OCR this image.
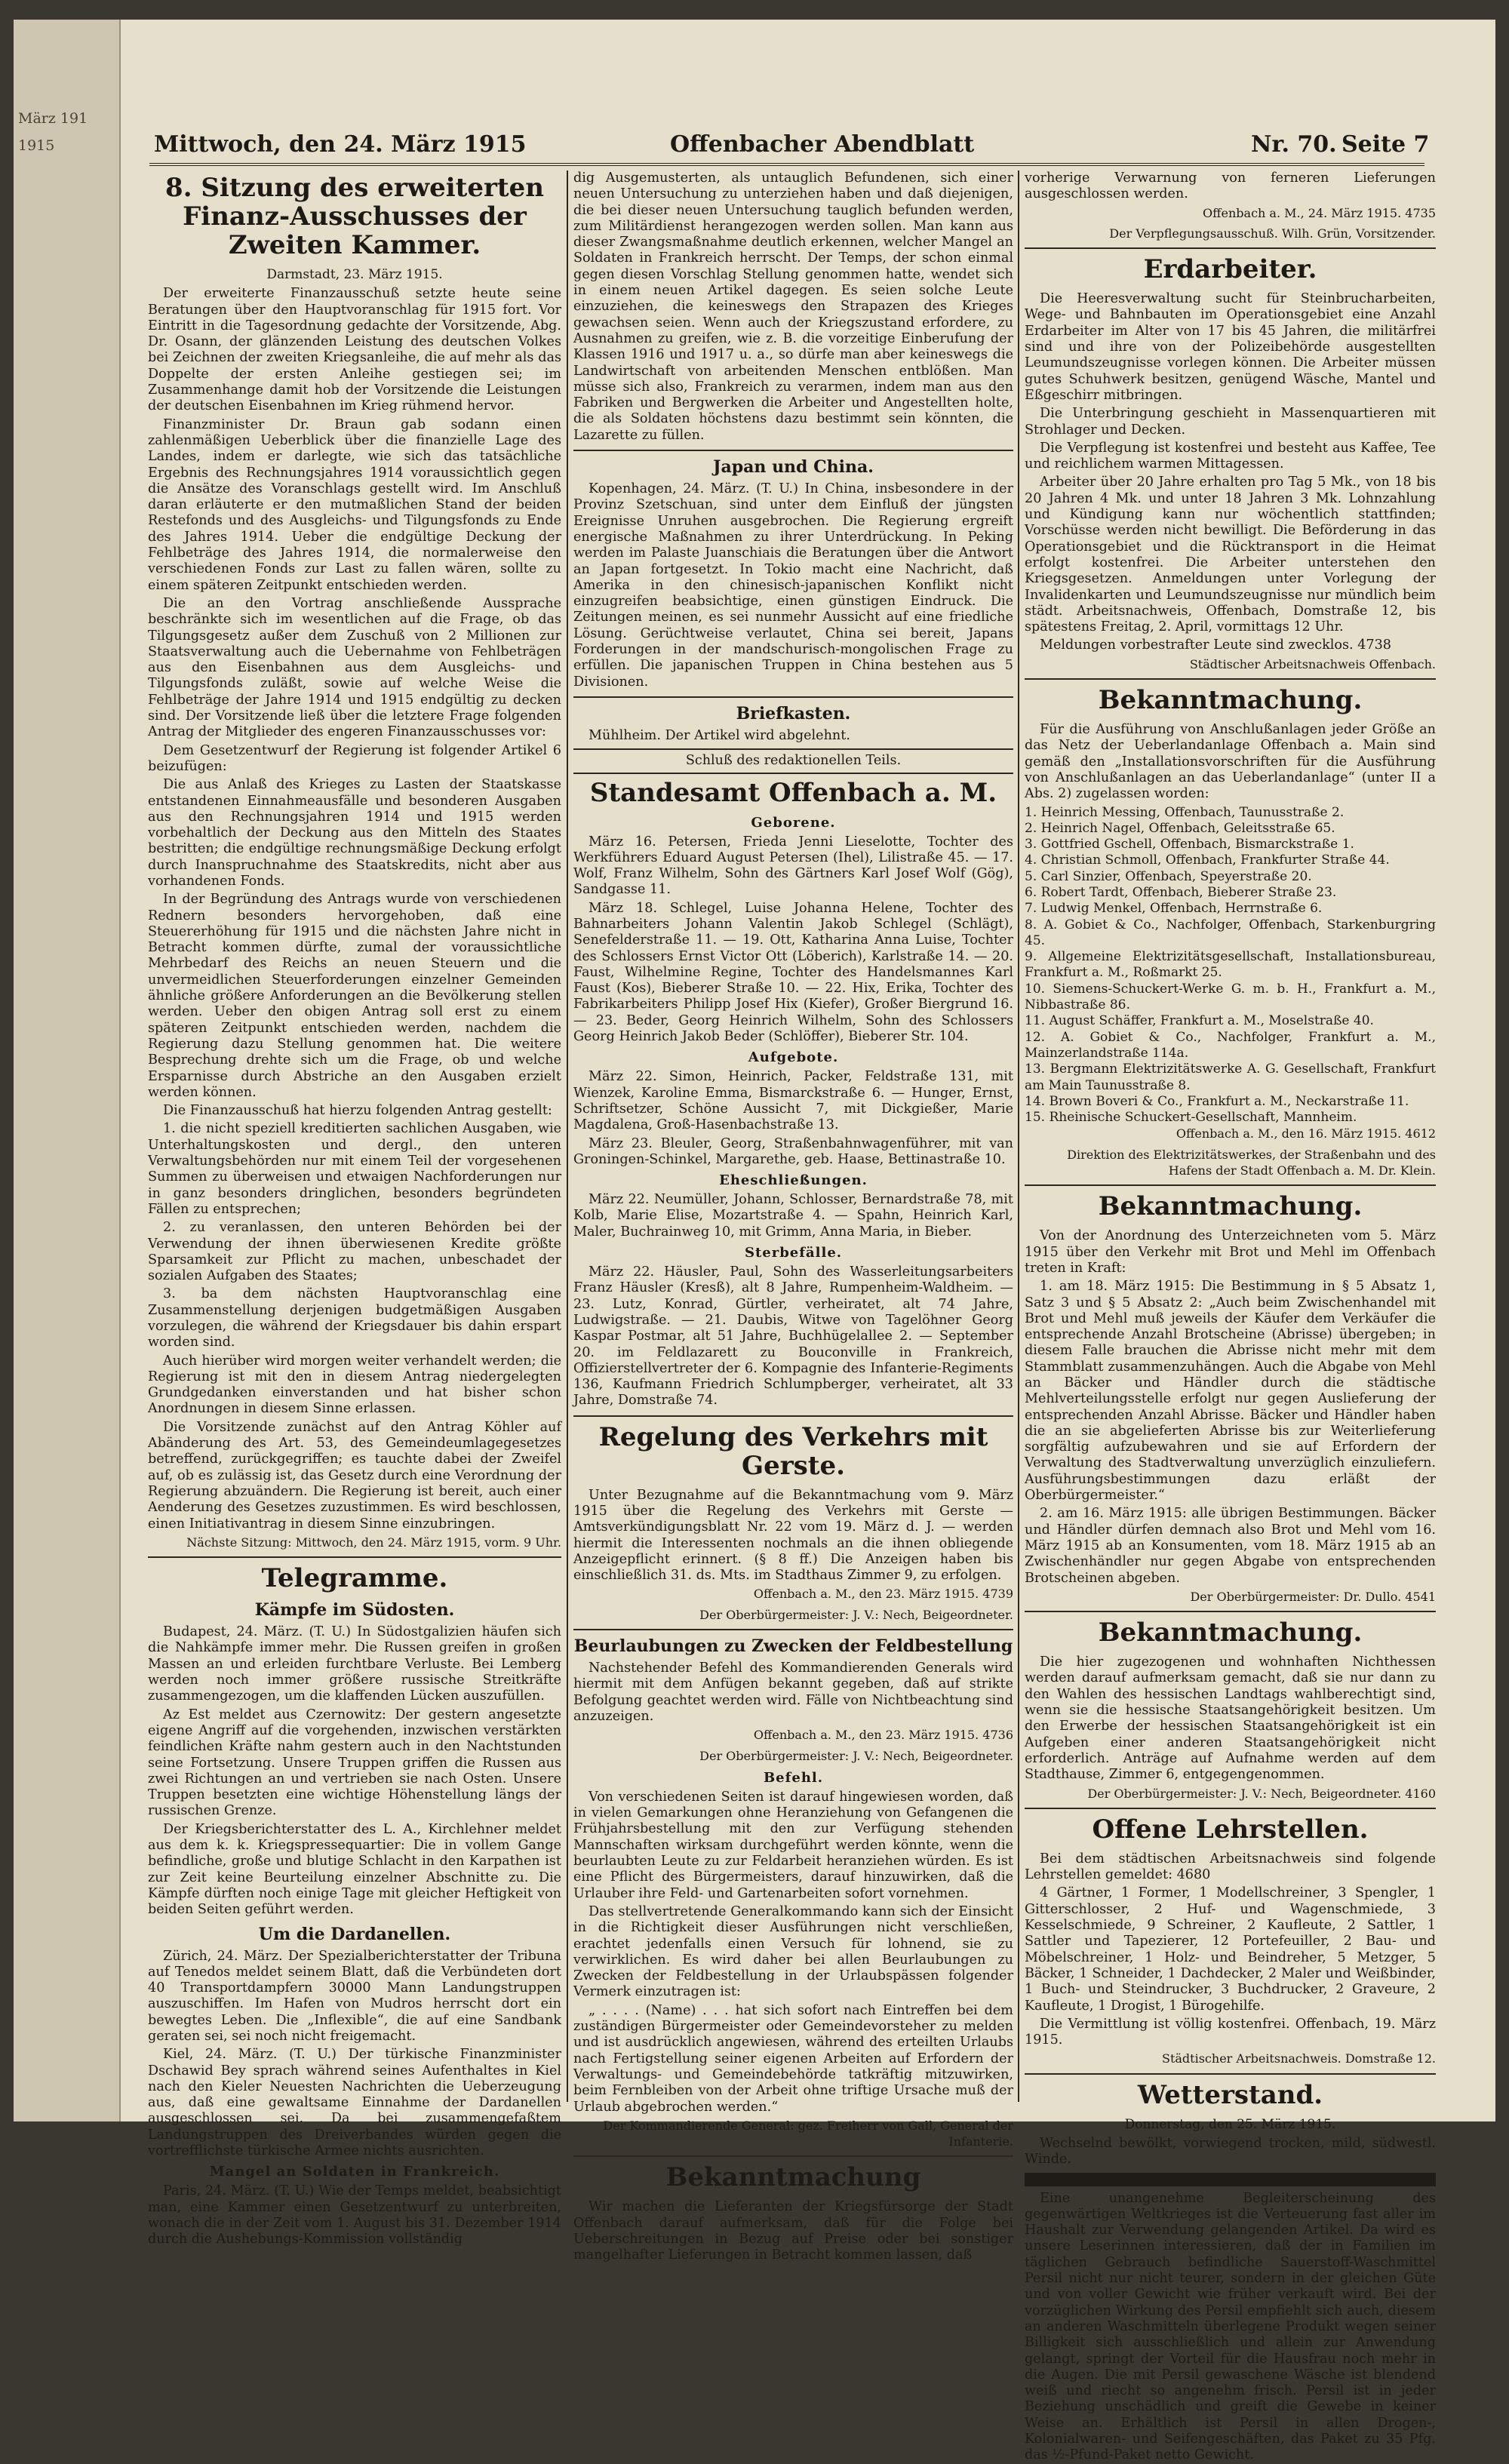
März 191
1915	Mittwoch, den 24. März 1915	Offenbacher Abendblatt	Nr. 70. Seite 7
8. Sitzung des erweiterten Finanz-Ausschusses der Zweiten Kammer.
Darmstadt, 23. März 1915.

Der erweiterte Finanzausschuß setzte heute seine Beratungen über den Hauptvoranschlag für 1915 fort. Vor Eintritt in die Tagesordnung gedachte der Vorsitzende, Abg. Dr. Osann, der glänzenden Leistung des deutschen Volkes bei Zeichnen der zweiten Kriegsanleihe, die auf mehr als das Doppelte der ersten Anleihe gestiegen sei; im Zusammenhange damit hob der Vorsitzende die Leistungen der deutschen Eisenbahnen im Krieg rühmend hervor.

Finanzminister Dr. Braun gab sodann einen zahlenmäßigen Ueberblick über die finanzielle Lage des Landes, indem er darlegte, wie sich das tatsächliche Ergebnis des Rechnungsjahres 1914 voraussichtlich gegen die Ansätze des Voranschlags gestellt wird. Im Anschluß daran erläuterte er den mutmaßlichen Stand der beiden Restefonds und des Ausgleichs- und Tilgungsfonds zu Ende des Jahres 1914. Ueber die endgültige Deckung der Fehlbeträge des Jahres 1914, die normalerweise den verschiedenen Fonds zur Last zu fallen wären, sollte zu einem späteren Zeitpunkt entschieden werden.

Die an den Vortrag anschließende Aussprache beschränkte sich im wesentlichen auf die Frage, ob das Tilgungsgesetz außer dem Zuschuß von 2 Millionen zur Staatsverwaltung auch die Uebernahme von Fehlbeträgen aus den Eisenbahnen aus dem Ausgleichs- und Tilgungsfonds zuläßt, sowie auf welche Weise die Fehlbeträge der Jahre 1914 und 1915 endgültig zu decken sind. Der Vorsitzende ließ über die letztere Frage folgenden Antrag der Mitglieder des engeren Finanzausschusses vor:

Dem Gesetzentwurf der Regierung ist folgender Artikel 6 beizufügen:

Die aus Anlaß des Krieges zu Lasten der Staatskasse entstandenen Einnahmeausfälle und besonderen Ausgaben aus den Rechnungsjahren 1914 und 1915 werden vorbehaltlich der Deckung aus den Mitteln des Staates bestritten; die endgültige rechnungsmäßige Deckung erfolgt durch Inanspruchnahme des Staatskredits, nicht aber aus vorhandenen Fonds.

In der Begründung des Antrags wurde von verschiedenen Rednern besonders hervorgehoben, daß eine Steuererhöhung für 1915 und die nächsten Jahre nicht in Betracht kommen dürfte, zumal der voraussichtliche Mehrbedarf des Reichs an neuen Steuern und die unvermeidlichen Steuerforderungen einzelner Gemeinden ähnliche größere Anforderungen an die Bevölkerung stellen werden. Ueber den obigen Antrag soll erst zu einem späteren Zeitpunkt entschieden werden, nachdem die Regierung dazu Stellung genommen hat. Die weitere Besprechung drehte sich um die Frage, ob und welche Ersparnisse durch Abstriche an den Ausgaben erzielt werden können.

Die Finanzausschuß hat hierzu folgenden Antrag gestellt:

1. die nicht speziell kreditierten sachlichen Ausgaben, wie Unterhaltungskosten und dergl., den unteren Verwaltungsbehörden nur mit einem Teil der vorgesehenen Summen zu überweisen und etwaigen Nachforderungen nur in ganz besonders dringlichen, besonders begründeten Fällen zu entsprechen;

2. zu veranlassen, den unteren Behörden bei der Verwendung der ihnen überwiesenen Kredite größte Sparsamkeit zur Pflicht zu machen, unbeschadet der sozialen Aufgaben des Staates;

3. ba dem nächsten Hauptvoranschlag eine Zusammenstellung derjenigen budgetmäßigen Ausgaben vorzulegen, die während der Kriegsdauer bis dahin erspart worden sind.

Auch hierüber wird morgen weiter verhandelt werden; die Regierung ist mit den in diesem Antrag niedergelegten Grundgedanken einverstanden und hat bisher schon Anordnungen in diesem Sinne erlassen.

Die Vorsitzende zunächst auf den Antrag Köhler auf Abänderung des Art. 53, des Gemeindeumlagegesetzes betreffend, zurückgegriffen; es tauchte dabei der Zweifel auf, ob es zulässig ist, das Gesetz durch eine Verordnung der Regierung abzuändern. Die Regierung ist bereit, auch einer Aenderung des Gesetzes zuzustimmen. Es wird beschlossen, einen Initiativantrag in diesem Sinne einzubringen.

Nächste Sitzung: Mittwoch, den 24. März 1915, vorm. 9 Uhr.
Telegramme.
Kämpfe im Südosten.

Budapest, 24. März. (T. U.) In Südostgalizien häufen sich die Nahkämpfe immer mehr. Die Russen greifen in großen Massen an und erleiden furchtbare Verluste. Bei Lemberg werden noch immer größere russische Streitkräfte zusammengezogen, um die klaffenden Lücken auszufüllen.

Az Est meldet aus Czernowitz: Der gestern angesetzte eigene Angriff auf die vorgehenden, inzwischen verstärkten feindlichen Kräfte nahm gestern auch in den Nachtstunden seine Fortsetzung. Unsere Truppen griffen die Russen aus zwei Richtungen an und vertrieben sie nach Osten. Unsere Truppen besetzten eine wichtige Höhenstellung längs der russischen Grenze.

Der Kriegsberichterstatter des L. A., Kirchlehner meldet aus dem k. k. Kriegspressequartier: Die in vollem Gange befindliche, große und blutige Schlacht in den Karpathen ist zur Zeit keine Beurteilung einzelner Abschnitte zu. Die Kämpfe dürften noch einige Tage mit gleicher Heftigkeit von beiden Seiten geführt werden.

Um die Dardanellen.

Zürich, 24. März. Der Spezialberichterstatter der Tribuna auf Tenedos meldet seinem Blatt, daß die Verbündeten dort 40 Transportdampfern 30000 Mann Landungstruppen auszuschiffen. Im Hafen von Mudros herrscht dort ein bewegtes Leben. Die „Inflexible“, die auf eine Sandbank geraten sei, sei noch nicht freigemacht.

Kiel, 24. März. (T. U.) Der türkische Finanzminister Dschawid Bey sprach während seines Aufenthaltes in Kiel nach den Kieler Neuesten Nachrichten die Ueberzeugung aus, daß eine gewaltsame Einnahme der Dardanellen ausgeschlossen sei. Da bei zusammengefaßtem Landungstruppen des Dreiverbandes würden gegen die vortrefflichste türkische Armee nichts ausrichten.

Mangel an Soldaten in Frankreich.

Paris, 24. März. (T. U.) Wie der Temps meldet, beabsichtigt man, eine Kammer einen Gesetzentwurf zu unterbreiten, wonach die in der Zeit vom 1. August bis 31. Dezember 1914 durch die Aushebungs-Kommission vollständig

dig Ausgemusterten, als untauglich Befundenen, sich einer neuen Untersuchung zu unterziehen haben und daß diejenigen, die bei dieser neuen Untersuchung tauglich befunden werden, zum Militärdienst herangezogen werden sollen. Man kann aus dieser Zwangsmaßnahme deutlich erkennen, welcher Mangel an Soldaten in Frankreich herrscht. Der Temps, der schon einmal gegen diesen Vorschlag Stellung genommen hatte, wendet sich in einem neuen Artikel dagegen. Es seien solche Leute einzuziehen, die keineswegs den Strapazen des Krieges gewachsen seien. Wenn auch der Kriegszustand erfordere, zu Ausnahmen zu greifen, wie z. B. die vorzeitige Einberufung der Klassen 1916 und 1917 u. a., so dürfe man aber keineswegs die Landwirtschaft von arbeitenden Menschen entblößen. Man müsse sich also, Frankreich zu verarmen, indem man aus den Fabriken und Bergwerken die Arbeiter und Angestellten holte, die als Soldaten höchstens dazu bestimmt sein könnten, die Lazarette zu füllen.

Japan und China.

Kopenhagen, 24. März. (T. U.) In China, insbesondere in der Provinz Szetschuan, sind unter dem Einfluß der jüngsten Ereignisse Unruhen ausgebrochen. Die Regierung ergreift energische Maßnahmen zu ihrer Unterdrückung. In Peking werden im Palaste Juanschiais die Beratungen über die Antwort an Japan fortgesetzt. In Tokio macht eine Nachricht, daß Amerika in den chinesisch-japanischen Konflikt nicht einzugreifen beabsichtige, einen günstigen Eindruck. Die Zeitungen meinen, es sei nunmehr Aussicht auf eine friedliche Lösung. Gerüchtweise verlautet, China sei bereit, Japans Forderungen in der mandschurisch-mongolischen Frage zu erfüllen. Die japanischen Truppen in China bestehen aus 5 Divisionen.

Briefkasten.

Mühlheim. Der Artikel wird abgelehnt.

Schluß des redaktionellen Teils.
Standesamt Offenbach a. M.
Geborene.

März 16. Petersen, Frieda Jenni Lieselotte, Tochter des Werkführers Eduard August Petersen (Ihel), Lilistraße 45. — 17. Wolf, Franz Wilhelm, Sohn des Gärtners Karl Josef Wolf (Gög), Sandgasse 11.

März 18. Schlegel, Luise Johanna Helene, Tochter des Bahnarbeiters Johann Valentin Jakob Schlegel (Schlägt), Senefelderstraße 11. — 19. Ott, Katharina Anna Luise, Tochter des Schlossers Ernst Victor Ott (Löberich), Karlstraße 14. — 20. Faust, Wilhelmine Regine, Tochter des Handelsmannes Karl Faust (Kos), Bieberer Straße 10. — 22. Hix, Erika, Tochter des Fabrikarbeiters Philipp Josef Hix (Kiefer), Großer Biergrund 16. — 23. Beder, Georg Heinrich Wilhelm, Sohn des Schlossers Georg Heinrich Jakob Beder (Schlöffer), Bieberer Str. 104.

Aufgebote.

März 22. Simon, Heinrich, Packer, Feldstraße 131, mit Wienzek, Karoline Emma, Bismarckstraße 6. — Hunger, Ernst, Schriftsetzer, Schöne Aussicht 7, mit Dickgießer, Marie Magdalena, Groß-Hasenbachstraße 13.

März 23. Bleuler, Georg, Straßenbahnwagenführer, mit van Groningen-Schinkel, Margarethe, geb. Haase, Bettinastraße 10.

Eheschließungen.

März 22. Neumüller, Johann, Schlosser, Bernardstraße 78, mit Kolb, Marie Elise, Mozartstraße 4. — Spahn, Heinrich Karl, Maler, Buchrainweg 10, mit Grimm, Anna Maria, in Bieber.

Sterbefälle.

März 22. Häusler, Paul, Sohn des Wasserleitungsarbeiters Franz Häusler (Kresß), alt 8 Jahre, Rumpenheim-Waldheim. — 23. Lutz, Konrad, Gürtler, verheiratet, alt 74 Jahre, Ludwigstraße. — 21. Daubis, Witwe von Tagelöhner Georg Kaspar Postmar, alt 51 Jahre, Buchhügelallee 2. — September 20. im Feldlazarett zu Bouconville in Frankreich, Offizierstellvertreter der 6. Kompagnie des Infanterie-Regiments 136, Kaufmann Friedrich Schlumpberger, verheiratet, alt 33 Jahre, Domstraße 74.

Regelung des Verkehrs mit Gerste.

Unter Bezugnahme auf die Bekanntmachung vom 9. März 1915 über die Regelung des Verkehrs mit Gerste — Amtsverkündigungsblatt Nr. 22 vom 19. März d. J. — werden hiermit die Interessenten nochmals an die ihnen obliegende Anzeigepflicht erinnert. (§ 8 ff.) Die Anzeigen haben bis einschließlich 31. ds. Mts. im Stadthaus Zimmer 9, zu erfolgen.

Offenbach a. M., den 23. März 1915. 4739
Der Oberbürgermeister: J. V.: Nech, Beigeordneter.
Beurlaubungen zu Zwecken der Feldbestellung

Nachstehender Befehl des Kommandierenden Generals wird hiermit mit dem Anfügen bekannt gegeben, daß auf strikte Befolgung geachtet werden wird. Fälle von Nichtbeachtung sind anzuzeigen.

Offenbach a. M., den 23. März 1915. 4736
Der Oberbürgermeister: J. V.: Nech, Beigeordneter.
Befehl.

Von verschiedenen Seiten ist darauf hingewiesen worden, daß in vielen Gemarkungen ohne Heranziehung von Gefangenen die Frühjahrsbestellung mit den zur Verfügung stehenden Mannschaften wirksam durchgeführt werden könnte, wenn die beurlaubten Leute zu zur Feldarbeit heranziehen würden. Es ist eine Pflicht des Bürgermeisters, darauf hinzuwirken, daß die Urlauber ihre Feld- und Gartenarbeiten sofort vornehmen.

Das stellvertretende Generalkommando kann sich der Einsicht in die Richtigkeit dieser Ausführungen nicht verschließen, erachtet jedenfalls einen Versuch für lohnend, sie zu verwirklichen. Es wird daher bei allen Beurlaubungen zu Zwecken der Feldbestellung in der Urlaubspässen folgender Vermerk einzutragen ist:

„ . . . . (Name) . . . hat sich sofort nach Eintreffen bei dem zuständigen Bürgermeister oder Gemeindevorsteher zu melden und ist ausdrücklich angewiesen, während des erteilten Urlaubs nach Fertigstellung seiner eigenen Arbeiten auf Erfordern der Verwaltungs- und Gemeindebehörde tatkräftig mitzuwirken, beim Fernbleiben von der Arbeit ohne triftige Ursache muß der Urlaub abgebrochen werden.“

Der Kommandierende General: gez. Freiherr von Gall, General der Infanterie.
Bekanntmachung

Wir machen die Lieferanten der Kriegsfürsorge der Stadt Offenbach darauf aufmerksam, daß für die Folge bei Ueberschreitungen in Bezug auf Preise oder bei sonstiger mangelhafter Lieferungen in Betracht kommen lassen, daß

vorherige Verwarnung von ferneren Lieferungen ausgeschlossen werden.

Offenbach a. M., 24. März 1915. 4735
Der Verpflegungsausschuß. Wilh. Grün, Vorsitzender.
Erdarbeiter.

Die Heeresverwaltung sucht für Steinbrucharbeiten, Wege- und Bahnbauten im Operationsgebiet eine Anzahl Erdarbeiter im Alter von 17 bis 45 Jahren, die militärfrei sind und ihre von der Polizeibehörde ausgestellten Leumundszeugnisse vorlegen können. Die Arbeiter müssen gutes Schuhwerk besitzen, genügend Wäsche, Mantel und Eßgeschirr mitbringen.

Die Unterbringung geschieht in Massenquartieren mit Strohlager und Decken.

Die Verpflegung ist kostenfrei und besteht aus Kaffee, Tee und reichlichem warmen Mittagessen.

Arbeiter über 20 Jahre erhalten pro Tag 5 Mk., von 18 bis 20 Jahren 4 Mk. und unter 18 Jahren 3 Mk. Lohnzahlung und Kündigung kann nur wöchentlich stattfinden; Vorschüsse werden nicht bewilligt. Die Beförderung in das Operationsgebiet und die Rücktransport in die Heimat erfolgt kostenfrei. Die Arbeiter unterstehen den Kriegsgesetzen. Anmeldungen unter Vorlegung der Invalidenkarten und Leumundszeugnisse nur mündlich beim städt. Arbeitsnachweis, Offenbach, Domstraße 12, bis spätestens Freitag, 2. April, vormittags 12 Uhr.

Meldungen vorbestrafter Leute sind zwecklos. 4738

Städtischer Arbeitsnachweis Offenbach.
Bekanntmachung.

Für die Ausführung von Anschlußanlagen jeder Größe an das Netz der Ueberlandanlage Offenbach a. Main sind gemäß den „Installationsvorschriften für die Ausführung von Anschlußanlagen an das Ueberlandanlage“ (unter II a Abs. 2) zugelassen worden:

1. Heinrich Messing, Offenbach, Taunusstraße 2.

2. Heinrich Nagel, Offenbach, Geleitsstraße 65.

3. Gottfried Gschell, Offenbach, Bismarckstraße 1.

4. Christian Schmoll, Offenbach, Frankfurter Straße 44.

5. Carl Sinzier, Offenbach, Speyerstraße 20.

6. Robert Tardt, Offenbach, Bieberer Straße 23.

7. Ludwig Menkel, Offenbach, Herrnstraße 6.

8. A. Gobiet & Co., Nachfolger, Offenbach, Starkenburgring 45.

9. Allgemeine Elektrizitätsgesellschaft, Installationsbureau, Frankfurt a. M., Roßmarkt 25.

10. Siemens-Schuckert-Werke G. m. b. H., Frankfurt a. M., Nibbastraße 86.

11. August Schäffer, Frankfurt a. M., Moselstraße 40.

12. A. Gobiet & Co., Nachfolger, Frankfurt a. M., Mainzerlandstraße 114a.

13. Bergmann Elektrizitätswerke A. G. Gesellschaft, Frankfurt am Main Taunusstraße 8.

14. Brown Boveri & Co., Frankfurt a. M., Neckarstraße 11.

15. Rheinische Schuckert-Gesellschaft, Mannheim.

Offenbach a. M., den 16. März 1915. 4612
Direktion des Elektrizitätswerkes, der Straßenbahn und des Hafens der Stadt Offenbach a. M. Dr. Klein.
Bekanntmachung.

Von der Anordnung des Unterzeichneten vom 5. März 1915 über den Verkehr mit Brot und Mehl im Offenbach treten in Kraft:

1. am 18. März 1915: Die Bestimmung in § 5 Absatz 1, Satz 3 und § 5 Absatz 2: „Auch beim Zwischenhandel mit Brot und Mehl muß jeweils der Käufer dem Verkäufer die entsprechende Anzahl Brotscheine (Abrisse) übergeben; in diesem Falle brauchen die Abrisse nicht mehr mit dem Stammblatt zusammenzuhängen. Auch die Abgabe von Mehl an Bäcker und Händler durch die städtische Mehlverteilungsstelle erfolgt nur gegen Auslieferung der entsprechenden Anzahl Abrisse. Bäcker und Händler haben die an sie abgelieferten Abrisse bis zur Weiterlieferung sorgfältig aufzubewahren und sie auf Erfordern der Verwaltung des Stadtverwaltung unverzüglich einzuliefern. Ausführungsbestimmungen dazu erläßt der Oberbürgermeister.“

2. am 16. März 1915: alle übrigen Bestimmungen. Bäcker und Händler dürfen demnach also Brot und Mehl vom 16. März 1915 ab an Konsumenten, vom 18. März 1915 ab an Zwischenhändler nur gegen Abgabe von entsprechenden Brotscheinen abgeben.

Der Oberbürgermeister: Dr. Dullo. 4541
Bekanntmachung.

Die hier zugezogenen und wohnhaften Nichthessen werden darauf aufmerksam gemacht, daß sie nur dann zu den Wahlen des hessischen Landtags wahlberechtigt sind, wenn sie die hessische Staatsangehörigkeit besitzen. Um den Erwerbe der hessischen Staatsangehörigkeit ist ein Aufgeben einer anderen Staatsangehörigkeit nicht erforderlich. Anträge auf Aufnahme werden auf dem Stadthause, Zimmer 6, entgegengenommen.

Der Oberbürgermeister: J. V.: Nech, Beigeordneter. 4160
Offene Lehrstellen.

Bei dem städtischen Arbeitsnachweis sind folgende Lehrstellen gemeldet: 4680

4 Gärtner, 1 Former, 1 Modellschreiner, 3 Spengler, 1 Gitterschlosser, 2 Huf- und Wagenschmiede, 3 Kesselschmiede, 9 Schreiner, 2 Kaufleute, 2 Sattler, 1 Sattler und Tapezierer, 12 Portefeuiller, 2 Bau- und Möbelschreiner, 1 Holz- und Beindreher, 5 Metzger, 5 Bäcker, 1 Schneider, 1 Dachdecker, 2 Maler und Weißbinder, 1 Buch- und Steindrucker, 3 Buchdrucker, 2 Graveure, 2 Kaufleute, 1 Drogist, 1 Bürogehilfe.

Die Vermittlung ist völlig kostenfrei. Offenbach, 19. März 1915.

Städtischer Arbeitsnachweis. Domstraße 12.
Wetterstand.
Donnerstag, den 25. März 1915.

Wechselnd bewölkt, vorwiegend trocken, mild, südwestl. Winde.

Eine unangenehme Begleiterscheinung des gegenwärtigen Weltkrieges ist die Verteuerung fast aller im Haushalt zur Verwendung gelangenden Artikel. Da wird es unsere Leserinnen interessieren, daß der in Familien im täglichen Gebrauch befindliche Sauerstoff-Waschmittel Persil nicht nur nicht teurer, sondern in der gleichen Güte und von voller Gewicht wie früher verkauft wird. Bei der vorzüglichen Wirkung des Persil empfiehlt sich auch, diesem an anderen Waschmitteln überlegene Produkt wegen seiner Billigkeit sich ausschließlich und allein zur Anwendung gelangt, springt der Vorteil für die Hausfrau noch mehr in die Augen. Die mit Persil gewaschene Wäsche ist blendend weiß und riecht so angenehm frisch. Persil ist in jeder Beziehung unschädlich und greift die Gewebe in keiner Weise an. Erhältlich ist Persil in allen Drogen-, Kolonialwaren- und Seifengeschäften, das Paket zu 35 Pfg. das ½-Pfund-Paket netto Gewicht.
